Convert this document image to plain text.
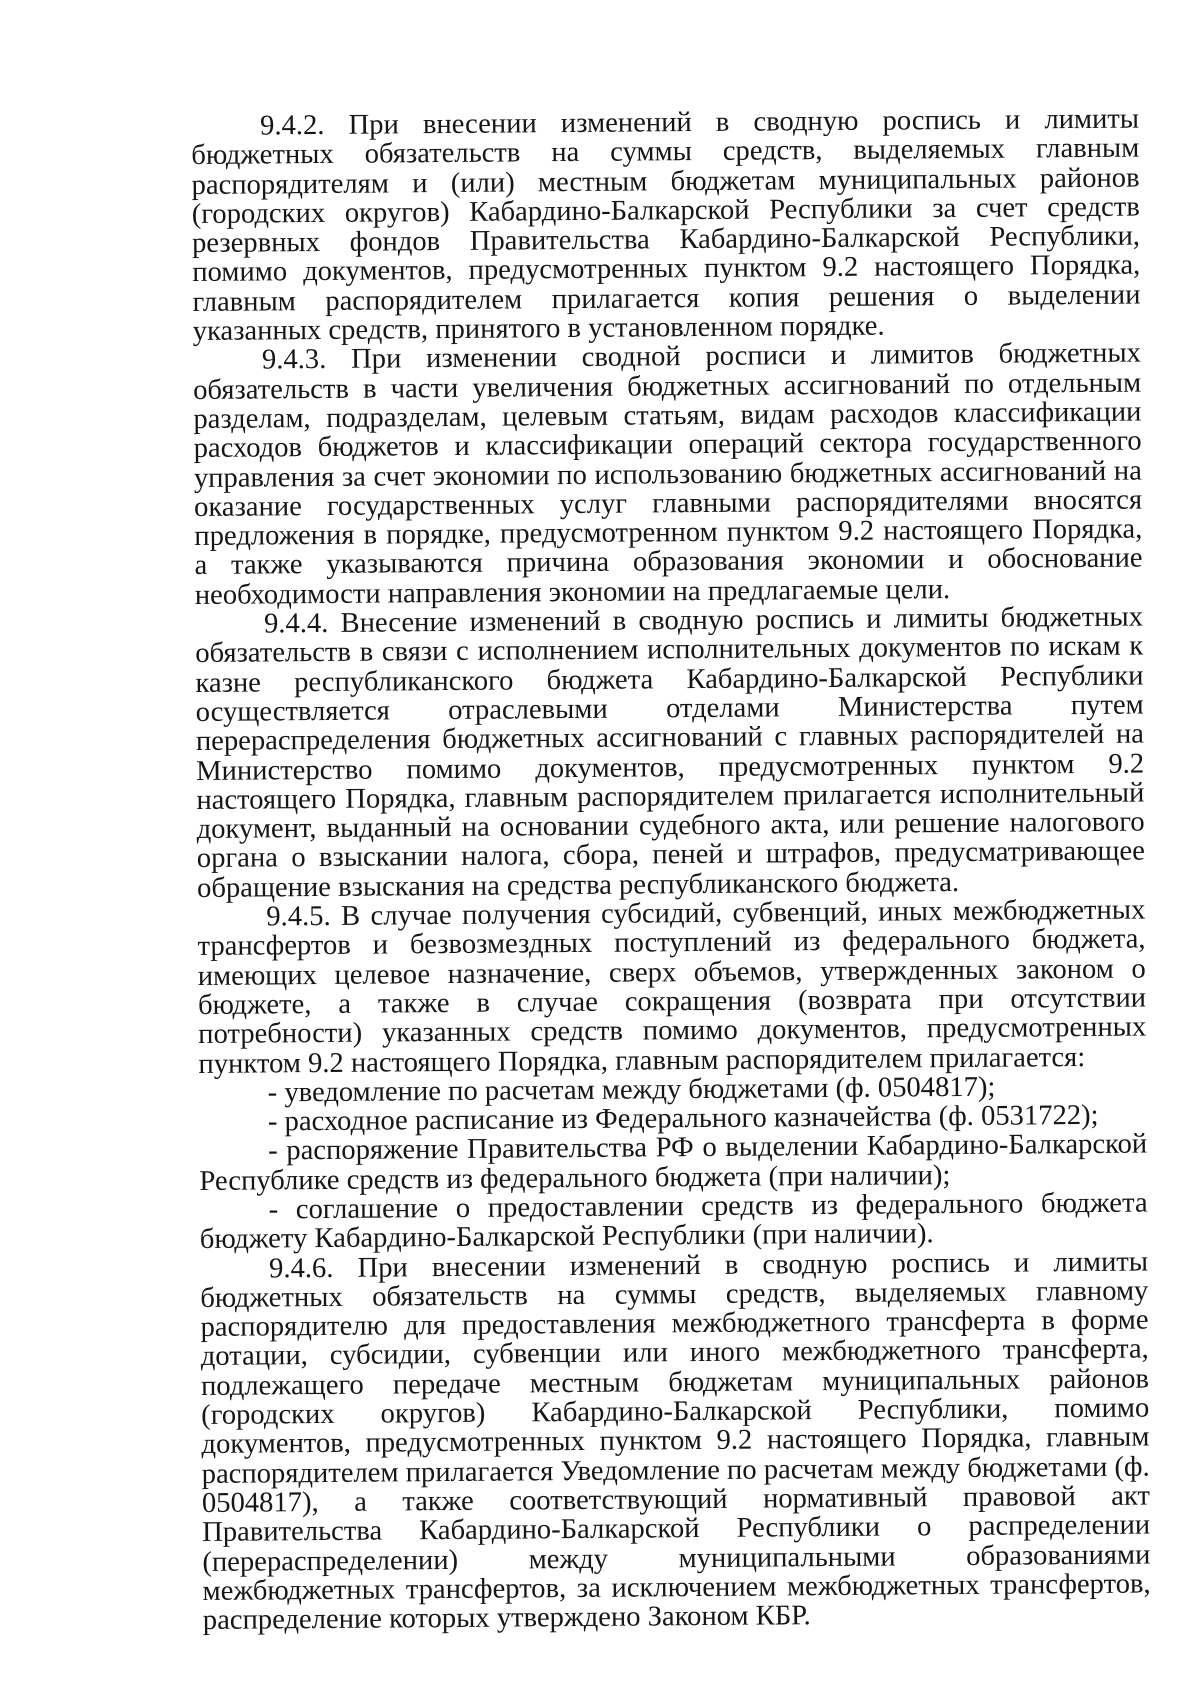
9.4.2. При внесении изменений в сводную роспись и лимиты бюджетных обязательств на суммы средств, выделяемых главным распорядителям и (или) местным бюджетам муниципальных районов (городских округов) Кабардино-Балкарской Республики за счет средств резервных фондов Правительства Кабардино-Балкарской Республики, помимо документов, предусмотренных пунктом 9.2 настоящего Порядка, главным распорядителем прилагается копия решения о выделении указанных средств, принятого в установленном порядке.

9.4.3. При изменении сводной росписи и лимитов бюджетных обязательств в части увеличения бюджетных ассигнований по отдельным разделам, подразделам, целевым статьям, видам расходов классификации расходов бюджетов и классификации операций сектора государственного управления за счет экономии по использованию бюджетных ассигнований на оказание государственных услуг главными распорядителями вносятся предложения в порядке, предусмотренном пунктом 9.2 настоящего Порядка, а также указываются причина образования экономии и обоснование необходимости направления экономии на предлагаемые цели.

9.4.4. Внесение изменений в сводную роспись и лимиты бюджетных обязательств в связи с исполнением исполнительных документов по искам к казне республиканского бюджета Кабардино-Балкарской Республики осуществляется отраслевыми отделами Министерства путем перераспределения бюджетных ассигнований с главных распорядителей на Министерство помимо документов, предусмотренных пунктом 9.2 настоящего Порядка, главным распорядителем прилагается исполнительный документ, выданный на основании судебного акта, или решение налогового органа о взыскании налога, сбора, пеней и штрафов, предусматривающее обращение взыскания на средства республиканского бюджета.

9.4.5. В случае получения субсидий, субвенций, иных межбюджетных трансфертов и безвозмездных поступлений из федерального бюджета, имеющих целевое назначение, сверх объемов, утвержденных законом о бюджете, а также в случае сокращения (возврата при отсутствии потребности) указанных средств помимо документов, предусмотренных пунктом 9.2 настоящего Порядка, главным распорядителем прилагается:

- уведомление по расчетам между бюджетами (ф. 0504817);

- расходное расписание из Федерального казначейства (ф. 0531722);

- распоряжение Правительства РФ о выделении Кабардино-Балкарской Республике средств из федерального бюджета (при наличии);

- соглашение о предоставлении средств из федерального бюджета бюджету Кабардино-Балкарской Республики (при наличии).

9.4.6. При внесении изменений в сводную роспись и лимиты бюджетных обязательств на суммы средств, выделяемых главному распорядителю для предоставления межбюджетного трансферта в форме дотации, субсидии, субвенции или иного межбюджетного трансферта, подлежащего передаче местным бюджетам муниципальных районов (городских округов) Кабардино-Балкарской Республики, помимо документов, предусмотренных пунктом 9.2 настоящего Порядка, главным распорядителем прилагается Уведомление по расчетам между бюджетами (ф. 0504817), а также соответствующий нормативный правовой акт Правительства Кабардино-Балкарской Республики о распределении (перераспределении) между муниципальными образованиями межбюджетных трансфертов, за исключением межбюджетных трансфертов, распределение которых утверждено Законом КБР.
